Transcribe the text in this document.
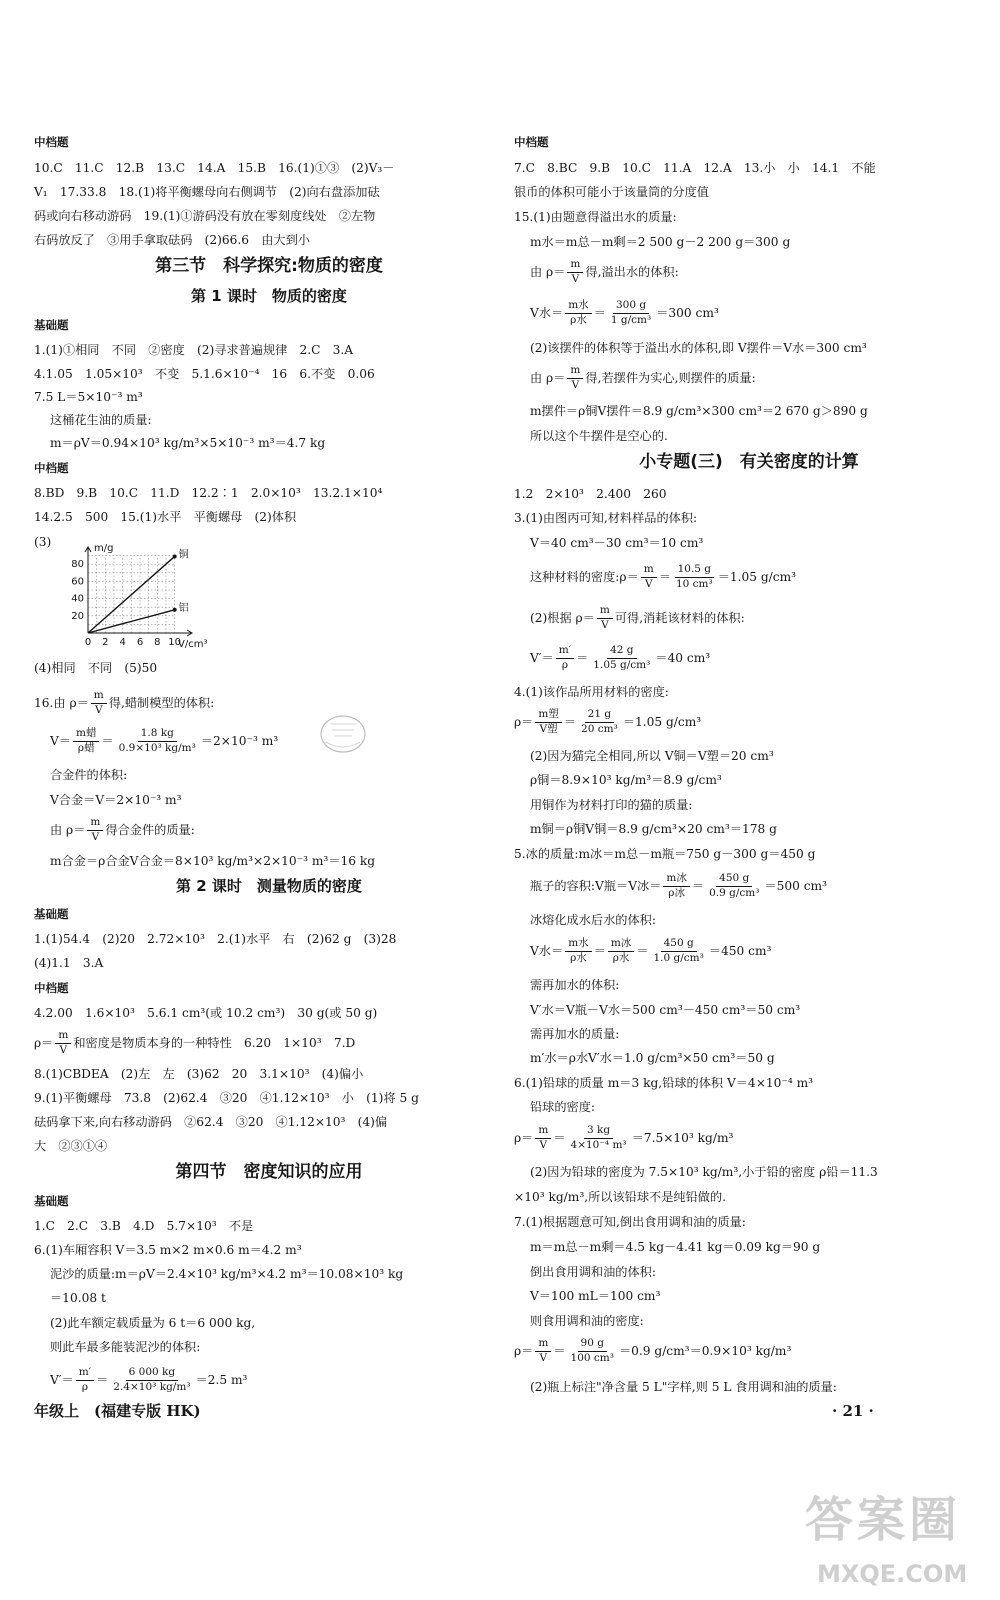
中档题
10.C　11.C　12.B　13.C　14.A　15.B　16.(1)①③　(2)V₃－
V₁　17.33.8　18.(1)将平衡螺母向右侧调节　(2)向右盘添加砝
码或向右移动游码　19.(1)①游码没有放在零刻度线处　②左物
右码放反了　③用手拿取砝码　(2)66.6　由大到小
第三节　科学探究:物质的密度
第 1 课时　物质的密度
基础题
1.(1)①相同　不同　②密度　(2)寻求普遍规律　2.C　3.A
4.1.05　1.05×10³　不变　5.1.6×10⁻⁴　16　6.不变　0.06
7.5 L＝5×10⁻³ m³
这桶花生油的质量:
m＝ρV＝0.94×10³ kg/m³×5×10⁻³ m³＝4.7 kg
中档题
8.BD　9.B　10.C　11.D　12.2∶1　2.0×10³　13.2.1×10⁴
14.2.5　500　15.(1)水平　平衡螺母　(2)体积
(3)
0 2 4 6 8 10
20
40
60
80
铜
铝
m/g
V/cm³
(4)相同　不同　(5)50
16.由 $\rho= \frac{m}{V}$ 得,蜡制模型的体积:
$V= \frac{\text{m蜡}}{\text{ρ蜡}} = \frac{1.8 kg}{\text{0.9×10³ kg/m³}} =2\times 10^{-3}$ m³
合金件的体积:
V合金＝V＝2×10⁻³ m³
由 $\rho= \frac{m}{V}$ 得合金件的质量:
m合金＝ρ合金V合金＝8×10³ kg/m³×2×10⁻³ m³＝16 kg
第 2 课时　测量物质的密度
基础题
1.(1)54.4　(2)20　2.72×10³　2.(1)水平　右　(2)62 g　(3)28
(4)1.1　3.A
中档题
4.2.00　1.6×10³　5.6.1 cm³(或 10.2 cm³)　30 g(或 50 g)
$\rho= \frac{m}{V}$ 和密度是物质本身的一种特性　6.20　1×10³　7.D
8.(1)CBDEA　(2)左　左　(3)62　20　3.1×10³　(4)偏小
9.(1)平衡螺母　73.8　(2)62.4　③20　④1.12×10³　小　(1)将 5 g
砝码拿下来,向右移动游码　②62.4　③20　④1.12×10³　(4)偏
大　②③①④
第四节　密度知识的应用
基础题
1.C　2.C　3.B　4.D　5.7×10³　不是
6.(1)车厢容积 V＝3.5 m×2 m×0.6 m＝4.2 m³
泥沙的质量:m＝ρV＝2.4×10³ kg/m³×4.2 m³＝10.08×10³ kg
＝10.08 t
(2)此车额定载质量为 6 t＝6 000 kg,
则此车最多能装泥沙的体积:
$V'= \frac{m'}{\rho} = \frac{6 000 kg}{\text{2.4×10³ kg/m³}} =2.5$ m³
年级上　(福建专版 HK)
中档题
7.C　8.BC　9.B　10.C　11.A　12.A　13.小　小　14.1　不能
银币的体积可能小于该量筒的分度值
15.(1)由题意得溢出水的质量:
m水＝m总－m剩＝2 500 g－2 200 g＝300 g
由 $\rho= \frac{m}{V}$ 得,溢出水的体积:
V水＝ $\frac{\text{m水}}{\text{ρ水}} = \frac{300 g}{\text{1 g/cm³}} =300$ cm³
(2)该摆件的体积等于溢出水的体积,即 V摆件＝V水＝300 cm³
由 $\rho= \frac{m}{V}$ 得,若摆件为实心,则摆件的质量:
m摆件＝ρ铜V摆件＝8.9 g/cm³×300 cm³＝2 670 g＞890 g
所以这个牛摆件是空心的.
小专题(三)　有关密度的计算
1.2　2×10³　2.400　260
3.(1)由图丙可知,材料样品的体积:
V＝40 cm³－30 cm³＝10 cm³
这种材料的密度:ρ＝ $\frac{m}{V} = \frac{10.5 g}{\text{10 cm³}} =1.05$ g/cm³
(2)根据 $\rho= \frac{m}{V}$ 可得,消耗该材料的体积:
$V'= \frac{m'}{\rho} = \frac{42 g}{\text{1.05 g/cm³}} =40$ cm³
4.(1)该作品所用材料的密度:
$\rho= \frac{\text{m塑}}{\text{V塑}} = \frac{21 g}{\text{20 cm³}} =1.05$ g/cm³
(2)因为猫完全相同,所以 V铜＝V塑＝20 cm³
ρ铜＝8.9×10³ kg/m³＝8.9 g/cm³
用铜作为材料打印的猫的质量:
m铜＝ρ铜V铜＝8.9 g/cm³×20 cm³＝178 g
5.冰的质量:m冰＝m总－m瓶＝750 g－300 g＝450 g
瓶子的容积:V瓶＝V冰＝ $\frac{\text{m冰}}{\text{ρ冰}} = \frac{450 g}{\text{0.9 g/cm³}} =500$ cm³
冰熔化成水后水的体积:
V水＝ $\frac{\text{m水}}{\text{ρ水}} = \frac{\text{m冰}}{\text{ρ水}} = \frac{450 g}{\text{1.0 g/cm³}} =450$ cm³
需再加水的体积:
V′水＝V瓶－V水＝500 cm³－450 cm³＝50 cm³
需再加水的质量:
m′水＝ρ水V′水＝1.0 g/cm³×50 cm³＝50 g
6.(1)铅球的质量 m＝3 kg,铅球的体积 V＝4×10⁻⁴ m³
铅球的密度:
$\rho= \frac{m}{V} = \frac{3 kg}{\text{4×10⁻⁴ m³}} =7.5\times 10^3$ kg/m³
(2)因为铅球的密度为 7.5×10³ kg/m³,小于铅的密度 ρ铅＝11.3
×10³ kg/m³,所以该铅球不是纯铅做的.
7.(1)根据题意可知,倒出食用调和油的质量:
m＝m总－m剩＝4.5 kg－4.41 kg＝0.09 kg＝90 g
倒出食用调和油的体积:
V＝100 mL＝100 cm³
则食用调和油的密度:
$\rho= \frac{m}{V} = \frac{90 g}{\text{100 cm³}} =0.9$ g/cm³＝0.9×10³ kg/m³
(2)瓶上标注"净含量 5 L"字样,则 5 L 食用调和油的质量:
· 21 ·
答案圈
MXQE.COM
